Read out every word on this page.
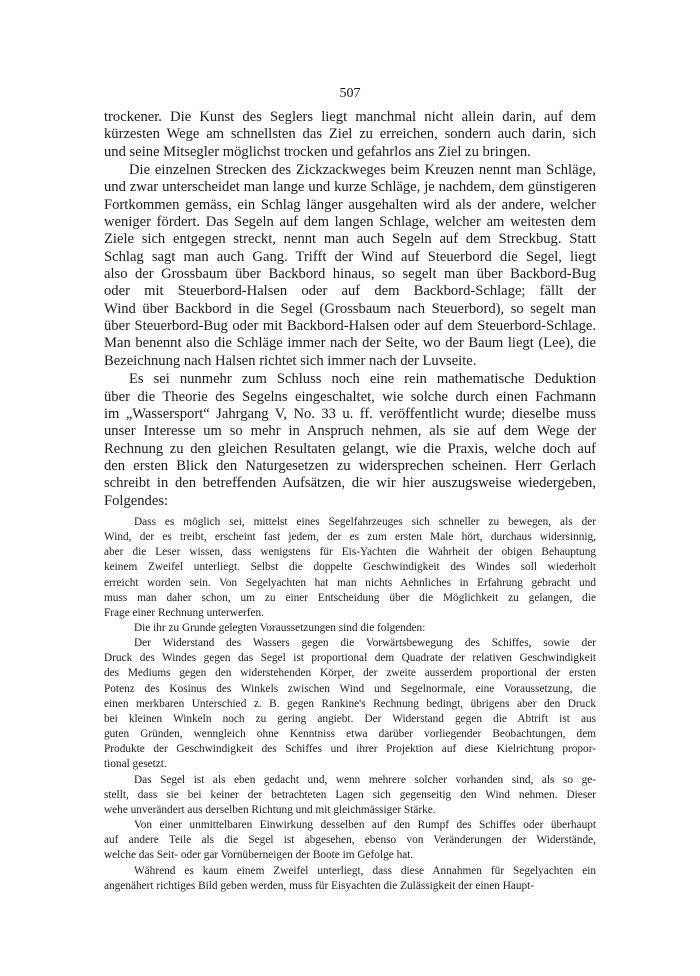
507
trockener. Die Kunst des Seglers liegt manchmal nicht allein darin, auf dem
kürzesten Wege am schnellsten das Ziel zu erreichen, sondern auch darin, sich
und seine Mitsegler möglichst trocken und gefahrlos ans Ziel zu bringen.
Die einzelnen Strecken des Zickzackweges beim Kreuzen nennt man Schläge,
und zwar unterscheidet man lange und kurze Schläge, je nachdem, dem günstigeren
Fortkommen gemäss, ein Schlag länger ausgehalten wird als der andere, welcher
weniger fördert. Das Segeln auf dem langen Schlage, welcher am weitesten dem
Ziele sich entgegen streckt, nennt man auch Segeln auf dem Streckbug. Statt
Schlag sagt man auch Gang. Trifft der Wind auf Steuerbord die Segel, liegt
also der Grossbaum über Backbord hinaus, so segelt man über Backbord-Bug
oder mit Steuerbord-Halsen oder auf dem Backbord-Schlage; fällt der
Wind über Backbord in die Segel (Grossbaum nach Steuerbord), so segelt man
über Steuerbord-Bug oder mit Backbord-Halsen oder auf dem Steuerbord-Schlage.
Man benennt also die Schläge immer nach der Seite, wo der Baum liegt (Lee), die
Bezeichnung nach Halsen richtet sich immer nach der Luvseite.
Es sei nunmehr zum Schluss noch eine rein mathematische Deduktion
über die Theorie des Segelns eingeschaltet, wie solche durch einen Fachmann
im „Wassersport“ Jahrgang V, No. 33 u. ff. veröffentlicht wurde; dieselbe muss
unser Interesse um so mehr in Anspruch nehmen, als sie auf dem Wege der
Rechnung zu den gleichen Resultaten gelangt, wie die Praxis, welche doch auf
den ersten Blick den Naturgesetzen zu widersprechen scheinen. Herr Gerlach
schreibt in den betreffenden Aufsätzen, die wir hier auszugsweise wiedergeben,
Folgendes:
Dass es möglich sei, mittelst eines Segelfahrzeuges sich schneller zu bewegen, als der
Wind, der es treibt, erscheint fast jedem, der es zum ersten Male hört, durchaus widersinnig,
aber die Leser wissen, dass wenigstens für Eis-Yachten die Wahrheit der obigen Behauptung
keinem Zweifel unterliegt. Selbst die doppelte Geschwindigkeit des Windes soll wiederholt
erreicht worden sein. Von Segelyachten hat man nichts Aehnliches in Erfahrung gebracht und
muss man daher schon, um zu einer Entscheidung über die Möglichkeit zu gelangen, die
Frage einer Rechnung unterwerfen.
Die ihr zu Grunde gelegten Voraussetzungen sind die folgenden:
Der Widerstand des Wassers gegen die Vorwärtsbewegung des Schiffes, sowie der
Druck des Windes gegen das Segel ist proportional dem Quadrate der relativen Geschwindigkeit
des Mediums gegen den widerstehenden Körper, der zweite ausserdem proportional der ersten
Potenz des Kosinus des Winkels zwischen Wind und Segelnormale, eine Voraussetzung, die
einen merkbaren Unterschied z. B. gegen Rankine's Rechnung bedingt, übrigens aber den Druck
bei kleinen Winkeln noch zu gering angiebt. Der Widerstand gegen die Abtrift ist aus
guten Gründen, wenngleich ohne Kenntniss etwa darüber vorliegender Beobachtungen, dem
Produkte der Geschwindigkeit des Schiffes und ihrer Projektion auf diese Kielrichtung propor-
tional gesetzt.
Das Segel ist als eben gedacht und, wenn mehrere solcher vorhanden sind, als so ge-
stellt, dass sie bei keiner der betrachteten Lagen sich gegenseitig den Wind nehmen. Dieser
wehe unverändert aus derselben Richtung und mit gleichmässiger Stärke.
Von einer unmittelbaren Einwirkung desselben auf den Rumpf des Schiffes oder überhaupt
auf andere Teile als die Segel ist abgesehen, ebenso von Veränderungen der Widerstände,
welche das Seit- oder gar Vornüberneigen der Boote im Gefolge hat.
Während es kaum einem Zweifel unterliegt, dass diese Annahmen für Segelyachten ein
angenähert richtiges Bild geben werden, muss für Eisyachten die Zulässigkeit der einen Haupt-
